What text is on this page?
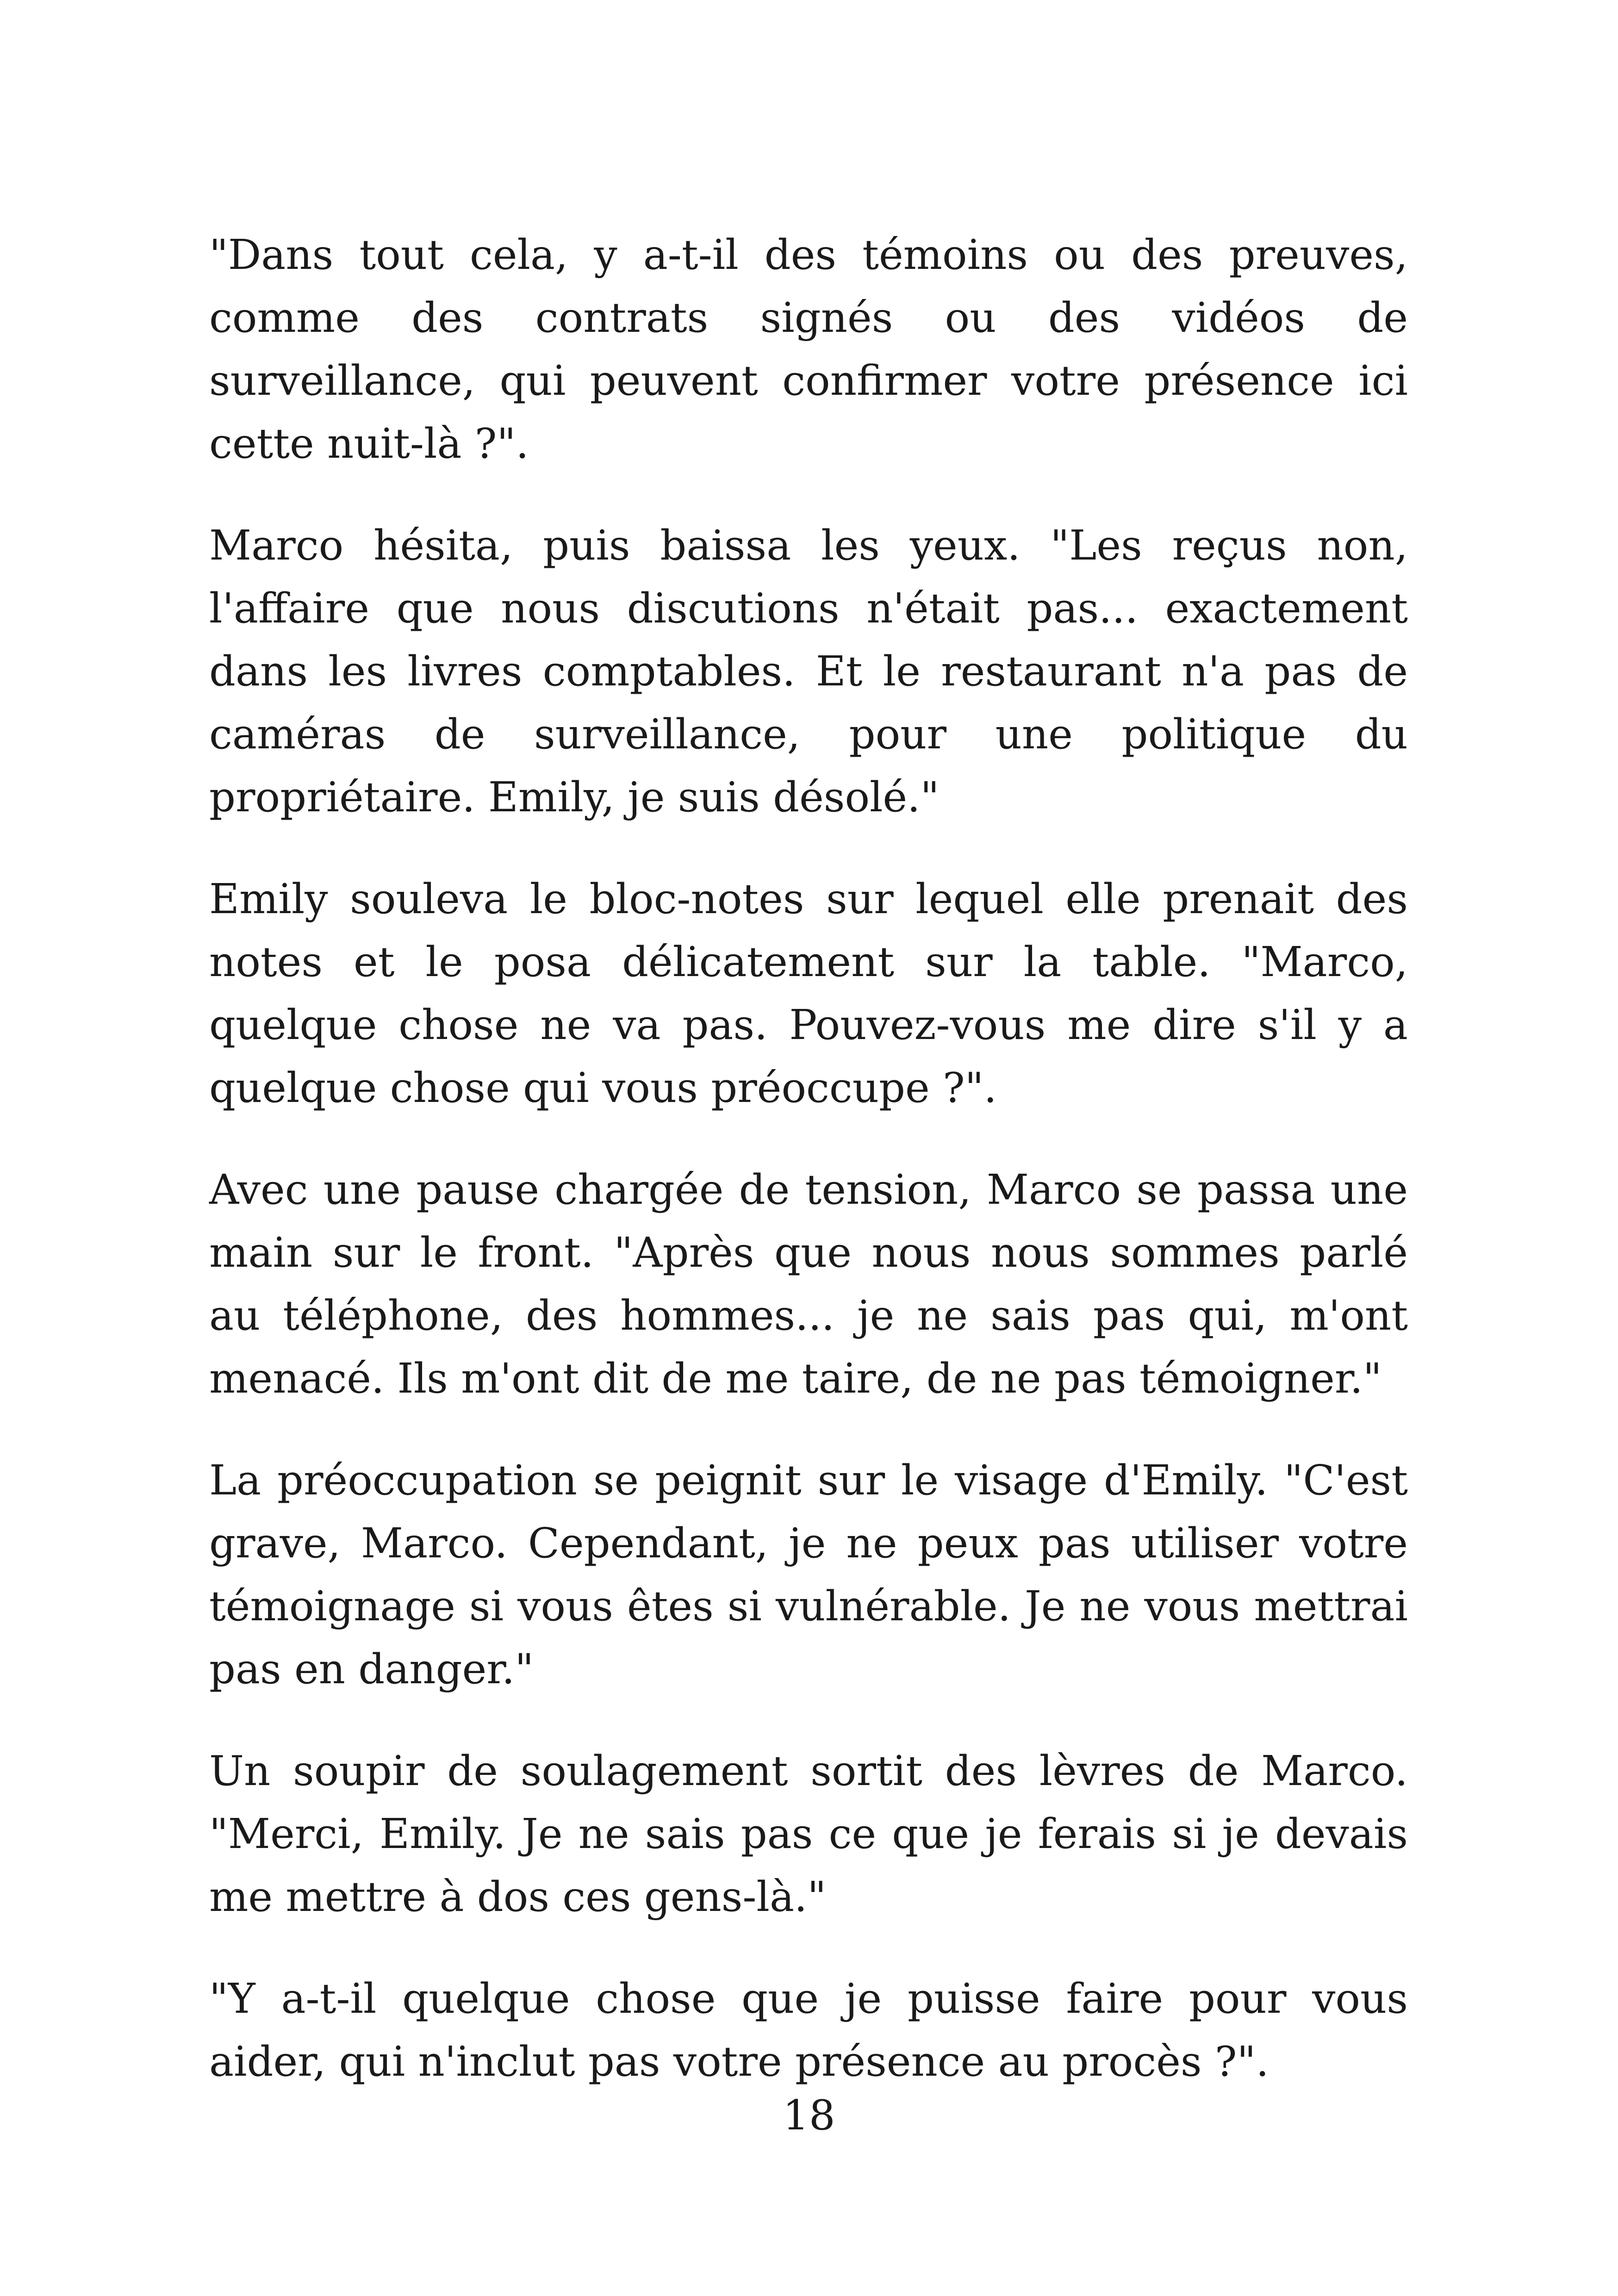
"Dans tout cela, y a-t-il des témoins ou des preuves, comme des contrats signés ou des vidéos de surveillance, qui peuvent confirmer votre présence ici cette nuit-là ?".

Marco hésita, puis baissa les yeux. "Les reçus non, l'affaire que nous discutions n'était pas... exactement dans les livres comptables. Et le restaurant n'a pas de caméras de surveillance, pour une politique du propriétaire. Emily, je suis désolé."

Emily souleva le bloc-notes sur lequel elle prenait des notes et le posa délicatement sur la table. "Marco, quelque chose ne va pas. Pouvez-vous me dire s'il y a quelque chose qui vous préoccupe ?".

Avec une pause chargée de tension, Marco se passa une main sur le front. "Après que nous nous sommes parlé au téléphone, des hommes... je ne sais pas qui, m'ont menacé. Ils m'ont dit de me taire, de ne pas témoigner."

La préoccupation se peignit sur le visage d'Emily. "C'est grave, Marco. Cependant, je ne peux pas utiliser votre témoignage si vous êtes si vulnérable. Je ne vous mettrai pas en danger."

Un soupir de soulagement sortit des lèvres de Marco. "Merci, Emily. Je ne sais pas ce que je ferais si je devais me mettre à dos ces gens-là."

"Y a-t-il quelque chose que je puisse faire pour vous aider, qui n'inclut pas votre présence au procès ?".

18
